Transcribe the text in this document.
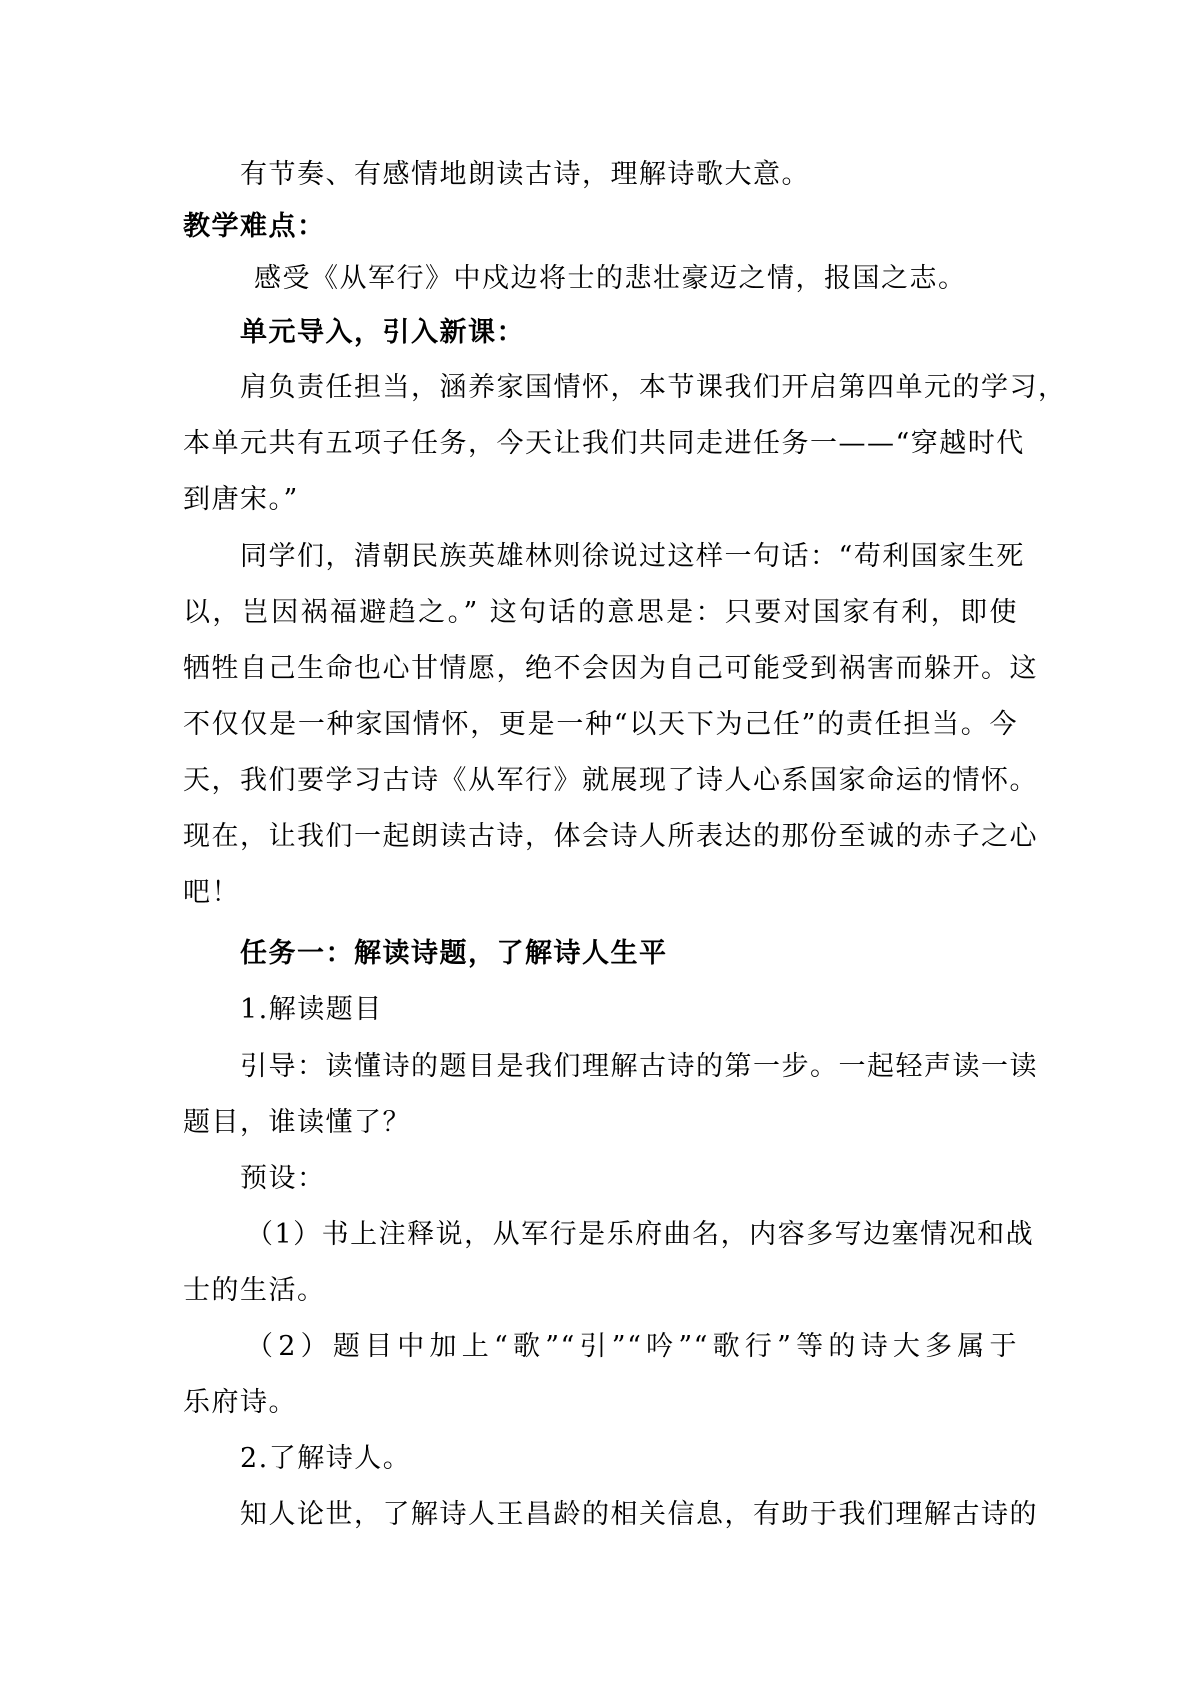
有节奏、有感情地朗读古诗，理解诗歌大意。
教学难点：
感受《从军行》中戍边将士的悲壮豪迈之情，报国之志。
单元导入，引入新课：
肩负责任担当，涵养家国情怀，本节课我们开启第四单元的学习，
本单元共有五项子任务，今天让我们共同走进任务一——“穿越时代
到唐宋。”
同学们，清朝民族英雄林则徐说过这样一句话：“苟利国家生死
以，岂因祸福避趋之。” 这句话的意思是：只要对国家有利，即使
牺牲自己生命也心甘情愿，绝不会因为自己可能受到祸害而躲开。这
不仅仅是一种家国情怀，更是一种“以天下为己任”的责任担当。今
天，我们要学习古诗《从军行》就展现了诗人心系国家命运的情怀。
现在，让我们一起朗读古诗，体会诗人所表达的那份至诚的赤子之心
吧！
任务一：解读诗题，了解诗人生平
1.解读题目
引导：读懂诗的题目是我们理解古诗的第一步。一起轻声读一读
题目，谁读懂了？
预设：
（1）书上注释说，从军行是乐府曲名，内容多写边塞情况和战
士的生活。
（2）题目中加上“歌”“引”“吟”“歌行”等的诗大多属于
乐府诗。
2.了解诗人。
知人论世，了解诗人王昌龄的相关信息，有助于我们理解古诗的
